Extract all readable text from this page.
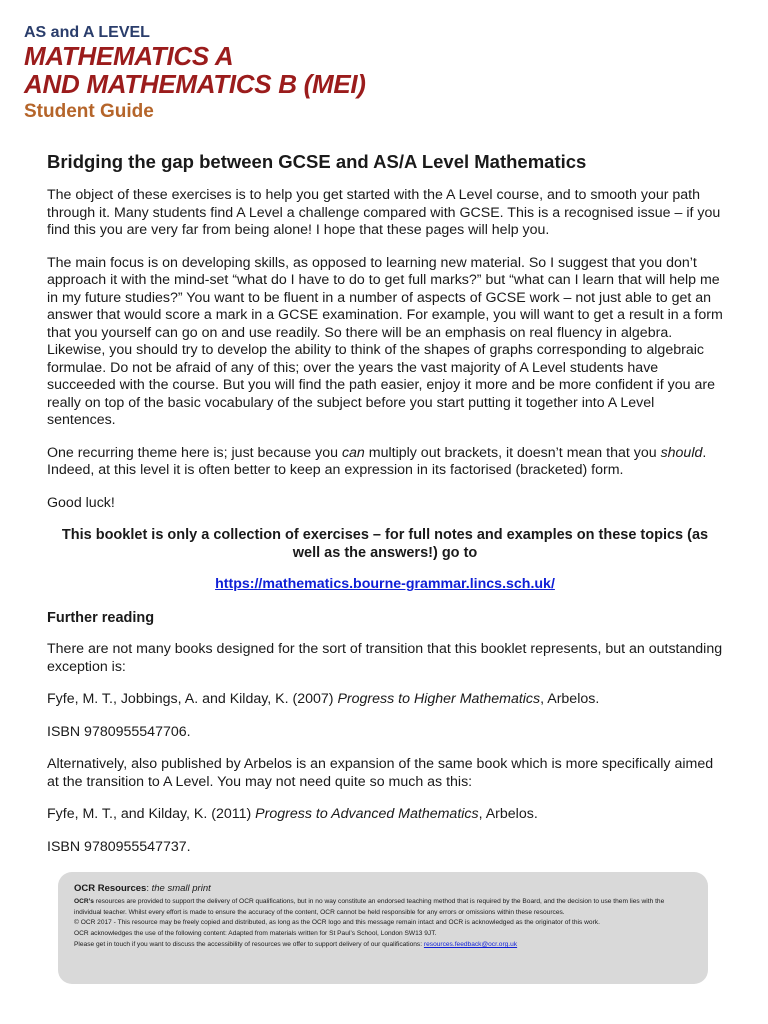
AS and A LEVEL
MATHEMATICS A
AND MATHEMATICS B (MEI)
Student Guide
Bridging the gap between GCSE and AS/A Level Mathematics

The object of these exercises is to help you get started with the A Level course, and to smooth your path through it. Many students find A Level a challenge compared with GCSE. This is a recognised issue – if you find this you are very far from being alone! I hope that these pages will help you.

The main focus is on developing skills, as opposed to learning new material. So I suggest that you don’t approach it with the mind-set “what do I have to do to get full marks?” but “what can I learn that will help me in my future studies?” You want to be fluent in a number of aspects of GCSE work – not just able to get an answer that would score a mark in a GCSE examination. For example, you will want to get a result in a form that you yourself can go on and use readily. So there will be an emphasis on real fluency in algebra. Likewise, you should try to develop the ability to think of the shapes of graphs corresponding to algebraic formulae. Do not be afraid of any of this; over the years the vast majority of A Level students have succeeded with the course. But you will find the path easier, enjoy it more and be more confident if you are really on top of the basic vocabulary of the subject before you start putting it together into A Level sentences.

One recurring theme here is; just because you can multiply out brackets, it doesn’t mean that you should. Indeed, at this level it is often better to keep an expression in its factorised (bracketed) form.

Good luck!

This booklet is only a collection of exercises – for full notes and examples on these topics (as well as the answers!) go to

https://mathematics.bourne-grammar.lincs.sch.uk/

Further reading

There are not many books designed for the sort of transition that this booklet represents, but an outstanding exception is:

Fyfe, M. T., Jobbings, A. and Kilday, K. (2007) Progress to Higher Mathematics, Arbelos.

ISBN 9780955547706.

Alternatively, also published by Arbelos is an expansion of the same book which is more specifically aimed at the transition to A Level. You may not need quite so much as this:

Fyfe, M. T., and Kilday, K. (2011) Progress to Advanced Mathematics, Arbelos.

ISBN 9780955547737.

OCR Resources: the small print
OCR’s resources are provided to support the delivery of OCR qualifications, but in no way constitute an endorsed teaching method that is required by the Board, and the decision to use them lies with the individual teacher. Whilst every effort is made to ensure the accuracy of the content, OCR cannot be held responsible for any errors or omissions within these resources.
© OCR 2017 - This resource may be freely copied and distributed, as long as the OCR logo and this message remain intact and OCR is acknowledged as the originator of this work.
OCR acknowledges the use of the following content: Adapted from materials written for St Paul’s School, London SW13 9JT.
Please get in touch if you want to discuss the accessibility of resources we offer to support delivery of our qualifications: resources.feedback@ocr.org.uk
